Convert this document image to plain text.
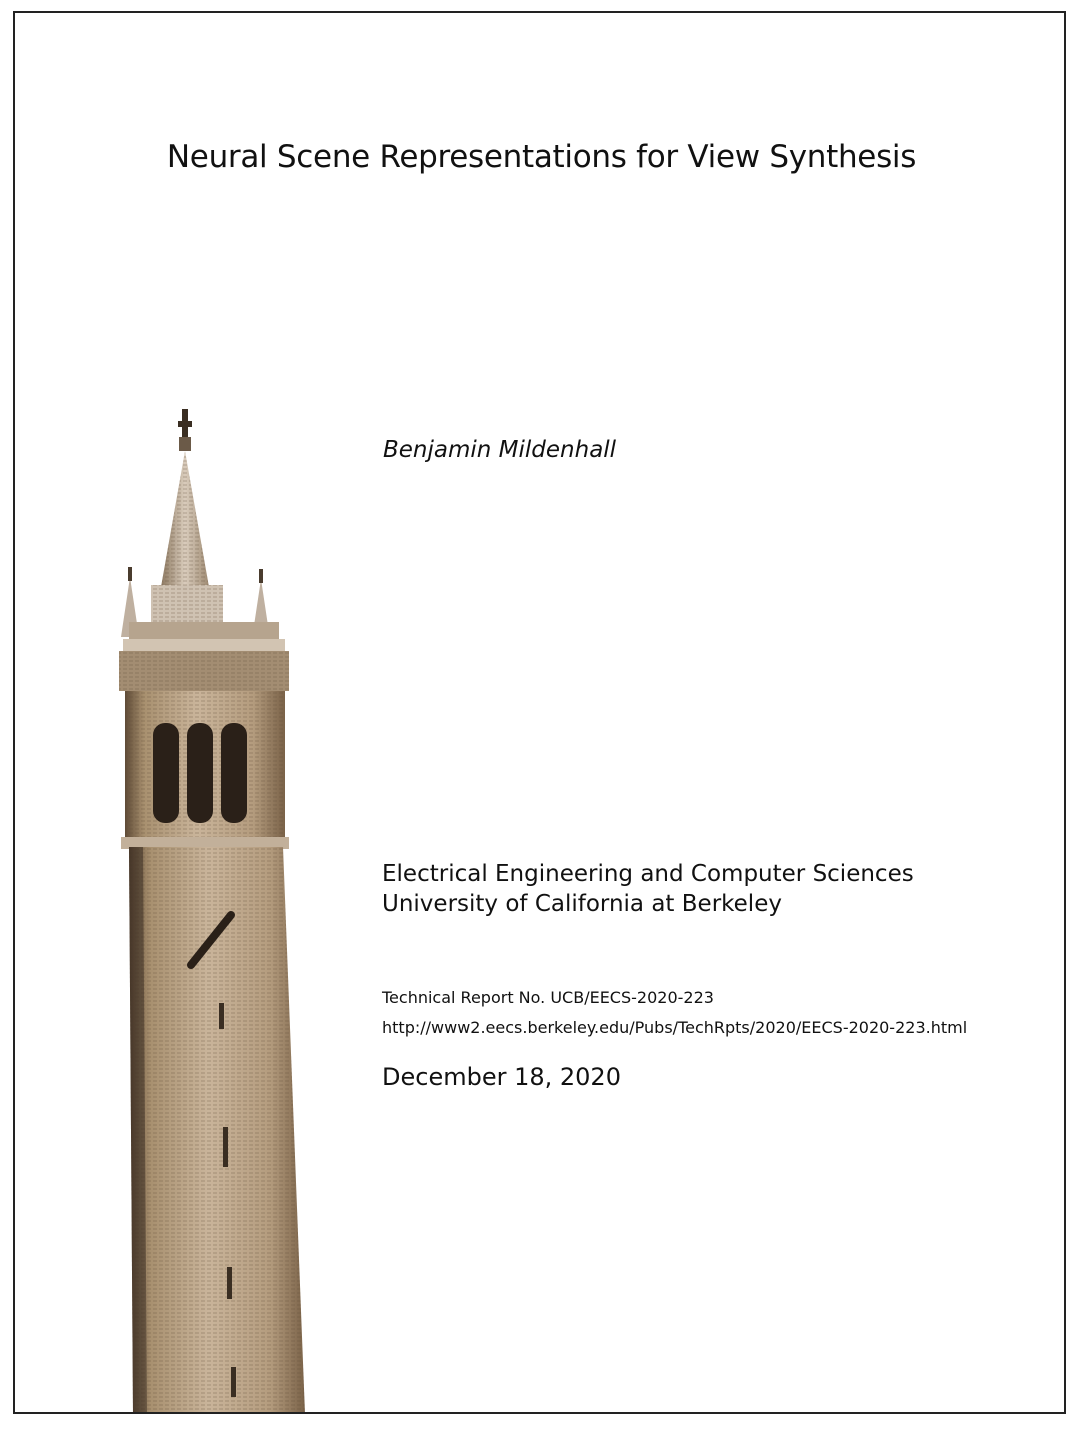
Neural Scene Representations for View Synthesis
Benjamin Mildenhall
Electrical Engineering and Computer Sciences
University of California at Berkeley
Technical Report No. UCB/EECS-2020-223
http://www2.eecs.berkeley.edu/Pubs/TechRpts/2020/EECS-2020-223.html
December 18, 2020
